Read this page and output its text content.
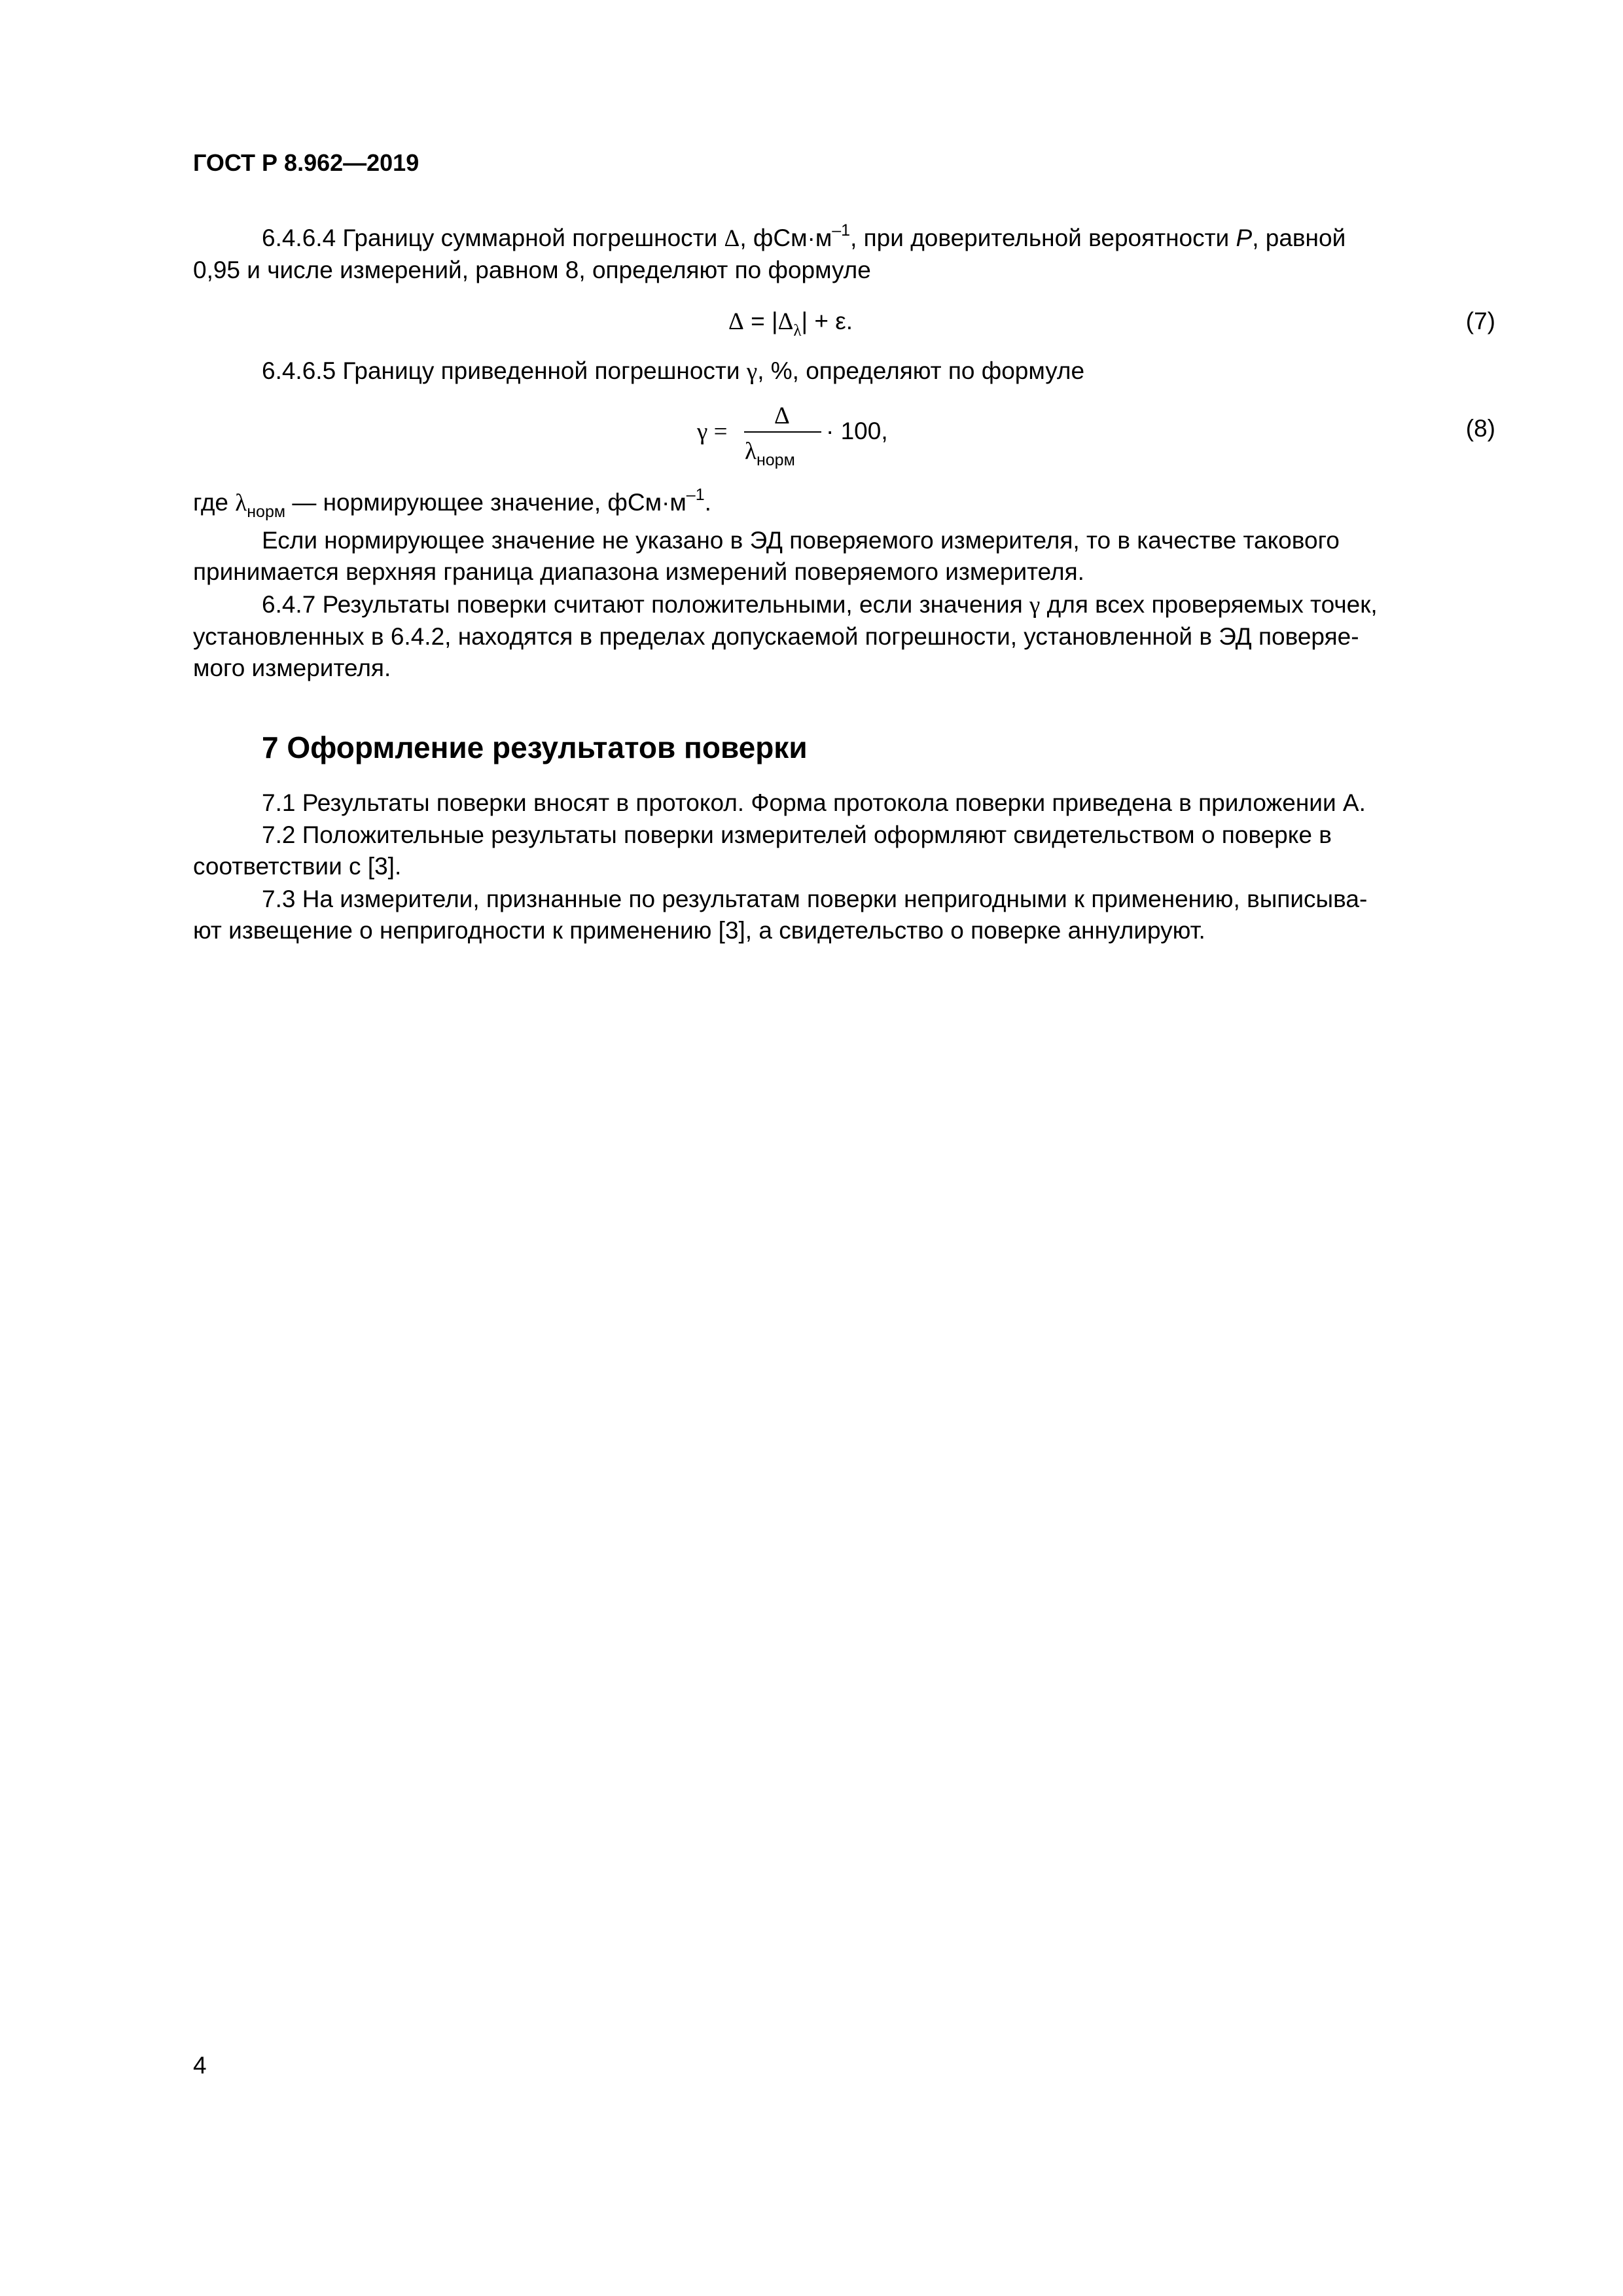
ГОСТ Р 8.962—2019
6.4.6.4 Границу суммарной погрешности Δ, $фСм\cdot м^{-1}$, при доверительной вероятности P, равной
0,95 и числе измерений, равном 8, определяют по формуле
$\Delta = |\Delta_\lambda| + \varepsilon$.	(7)
6.4.6.5 Границу приведенной погрешности γ, %, определяют по формуле
γ =
Δ
$\lambda_{норм}$
· 100,	(8)
где $\lambda_{норм}$ — нормирующее значение, $фСм\cdot м^{-1}$.
Если нормирующее значение не указано в ЭД поверяемого измерителя, то в качестве такового
принимается верхняя граница диапазона измерений поверяемого измерителя.
6.4.7 Результаты поверки считают положительными, если значения γ для всех проверяемых точек,
установленных в 6.4.2, находятся в пределах допускаемой погрешности, установленной в ЭД поверяе-
мого измерителя.
7 Оформление результатов поверки
7.1 Результаты поверки вносят в протокол. Форма протокола поверки приведена в приложении А.
7.2 Положительные результаты поверки измерителей оформляют свидетельством о поверке в
соответствии с [3].
7.3 На измерители, признанные по результатам поверки непригодными к применению, выписыва-
ют извещение о непригодности к применению [3], а свидетельство о поверке аннулируют.
4
